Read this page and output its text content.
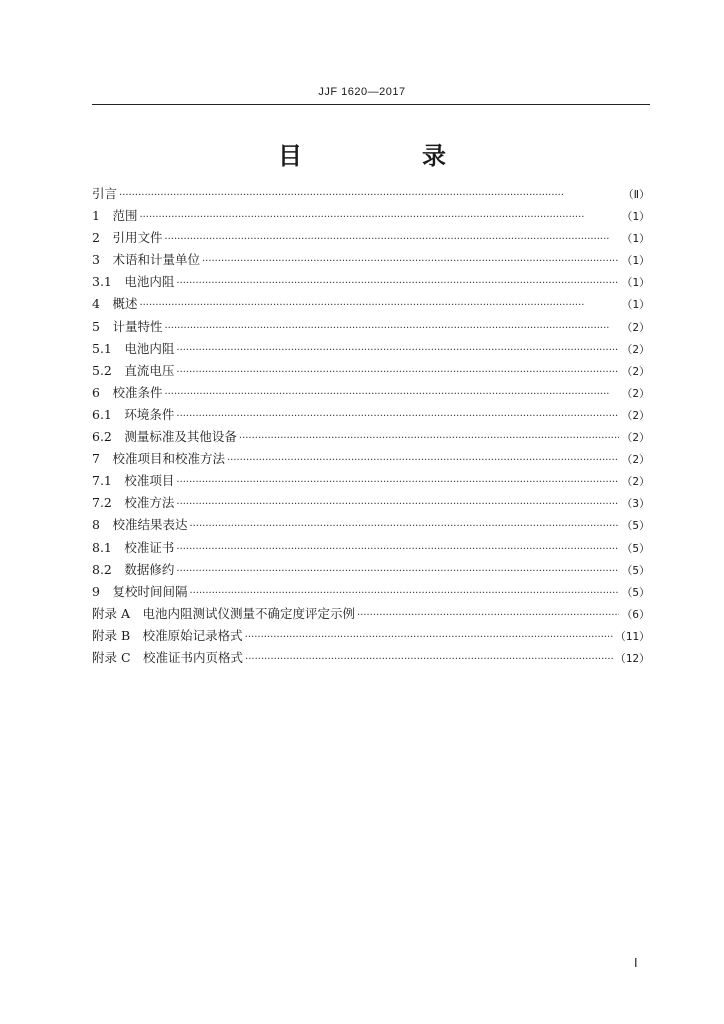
JJF 1620—2017
目　录
引言 ·····	（Ⅱ）
1　范围 ·····	（1）
2　引用文件 ·····	（1）
3　术语和计量单位 ·····	（1）
3.1　电池内阻 ·····	（1）
4　概述 ·····	（1）
5　计量特性 ·····	（2）
5.1　电池内阻 ·····	（2）
5.2　直流电压 ·····	（2）
6　校准条件 ·····	（2）
6.1　环境条件 ·····	（2）
6.2　测量标准及其他设备 ·····	（2）
7　校准项目和校准方法 ·····	（2）
7.1　校准项目 ·····	（2）
7.2　校准方法 ·····	（3）
8　校准结果表达 ·····	（5）
8.1　校准证书 ·····	（5）
8.2　数据修约 ·····	（5）
9　复校时间间隔 ·····	（5）
附录 A　电池内阻测试仪测量不确定度评定示例 ·····	（6）
附录 B　校准原始记录格式 ·····	（11）
附录 C　校准证书内页格式 ·····	（12）
Ⅰ
